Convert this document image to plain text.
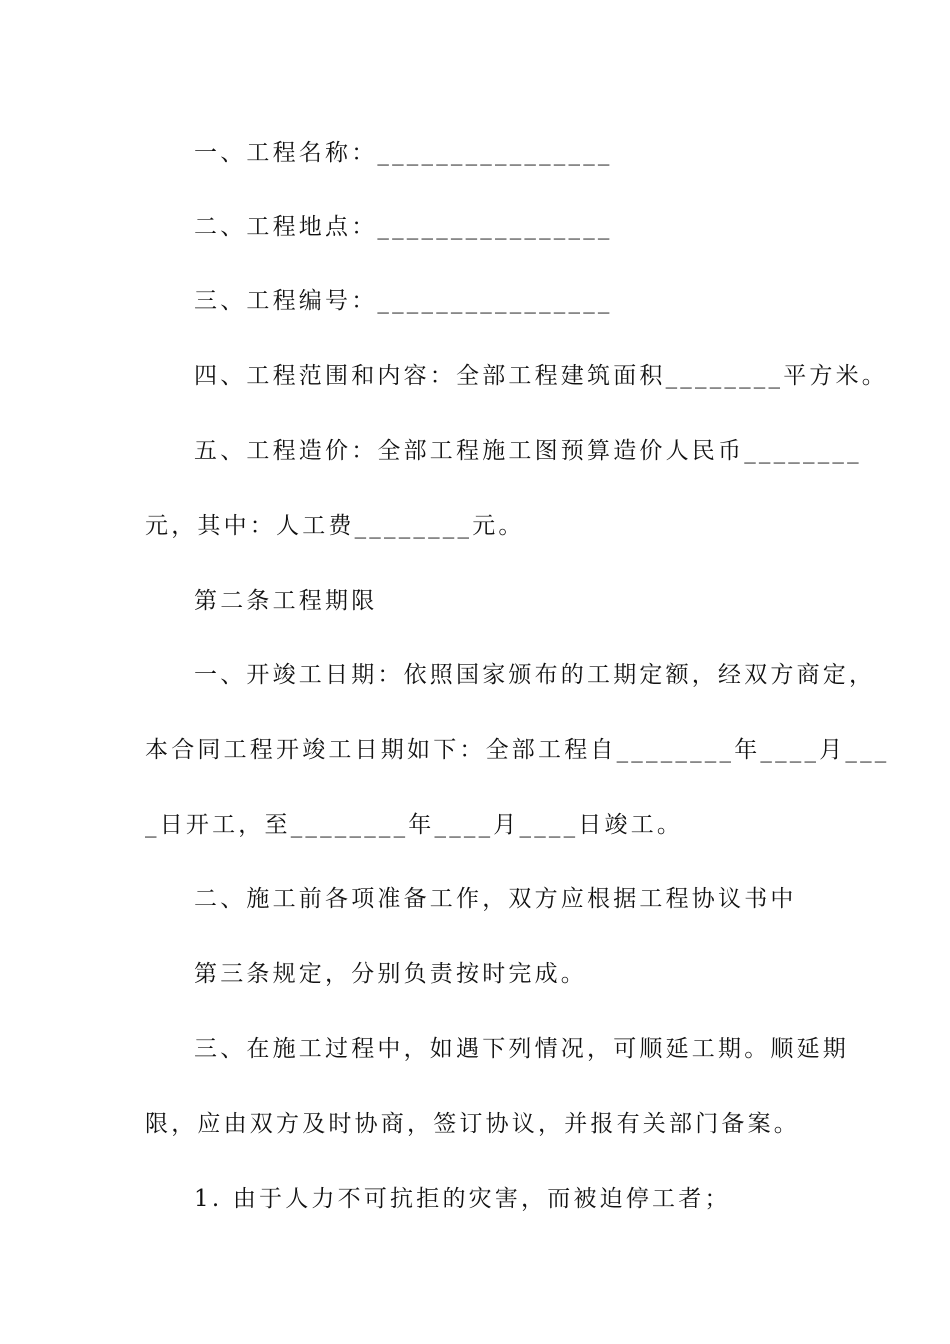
一、工程名称：________________
二、工程地点：________________
三、工程编号：________________
四、工程范围和内容：全部工程建筑面积________平方米。
五、工程造价：全部工程施工图预算造价人民币________
元，其中：人工费________元。
第二条工程期限
一、开竣工日期：依照国家颁布的工期定额，经双方商定，
本合同工程开竣工日期如下：全部工程自________年____月___
_日开工，至________年____月____日竣工。
二、施工前各项准备工作，双方应根据工程协议书中
第三条规定，分别负责按时完成。
三、在施工过程中，如遇下列情况，可顺延工期。顺延期
限，应由双方及时协商，签订协议，并报有关部门备案。
1. 由于人力不可抗拒的灾害，而被迫停工者；
